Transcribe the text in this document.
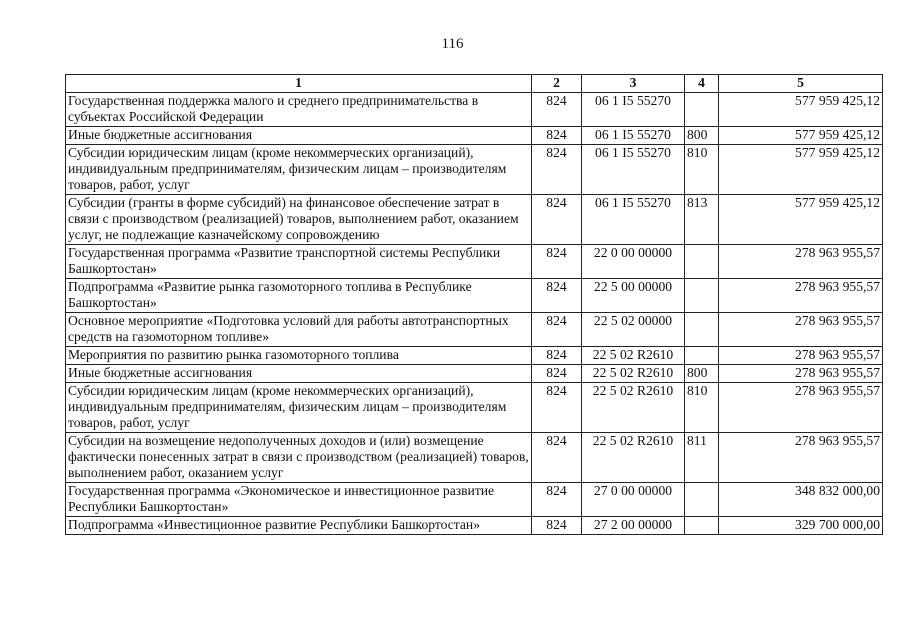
116
1	2	3	4	5
Государственная поддержка малого и среднего предпринимательства в субъектах Российской Федерации	824	06 1 I5 55270		577 959 425,12
Иные бюджетные ассигнования	824	06 1 I5 55270	800	577 959 425,12
Субсидии юридическим лицам (кроме некоммерческих организаций), индивидуальным предпринимателям, физическим лицам – производителям товаров, работ, услуг	824	06 1 I5 55270	810	577 959 425,12
Субсидии (гранты в форме субсидий) на финансовое обеспечение затрат в связи с производством (реализацией) товаров, выполнением работ, оказанием услуг, не подлежащие казначейскому сопровождению	824	06 1 I5 55270	813	577 959 425,12
Государственная программа «Развитие транспортной системы Республики Башкортостан»	824	22 0 00 00000		278 963 955,57
Подпрограмма «Развитие рынка газомоторного топлива в Республике Башкортостан»	824	22 5 00 00000		278 963 955,57
Основное мероприятие «Подготовка условий для работы автотранспортных средств на газомоторном топливе»	824	22 5 02 00000		278 963 955,57
Мероприятия по развитию рынка газомоторного топлива	824	22 5 02 R2610		278 963 955,57
Иные бюджетные ассигнования	824	22 5 02 R2610	800	278 963 955,57
Субсидии юридическим лицам (кроме некоммерческих организаций), индивидуальным предпринимателям, физическим лицам – производителям товаров, работ, услуг	824	22 5 02 R2610	810	278 963 955,57
Субсидии на возмещение недополученных доходов и (или) возмещение фактически понесенных затрат в связи с производством (реализацией) товаров, выполнением работ, оказанием услуг	824	22 5 02 R2610	811	278 963 955,57
Государственная программа «Экономическое и инвестиционное развитие Республики Башкортостан»	824	27 0 00 00000		348 832 000,00
Подпрограмма «Инвестиционное развитие Республики Башкортостан»	824	27 2 00 00000		329 700 000,00
